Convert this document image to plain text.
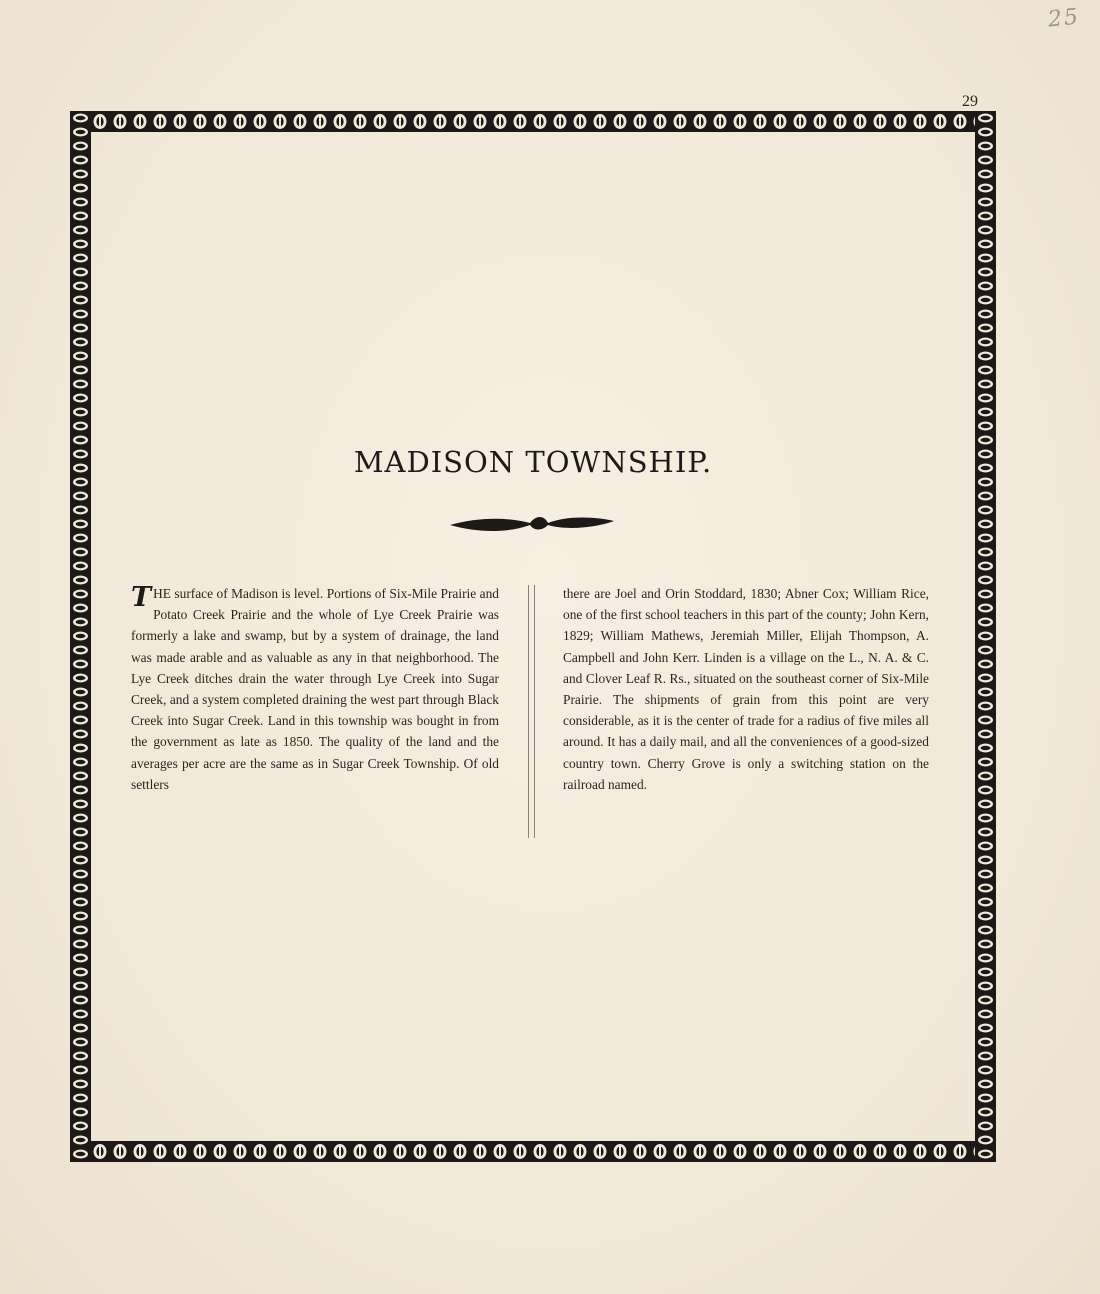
25
29
MADISON TOWNSHIP.
T HE surface of Madison is level. Portions of Six-Mile Prairie and Potato Creek Prairie and the whole of Lye Creek Prairie was formerly a lake and swamp, but by a system of drainage, the land was made arable and as valuable as any in that neighborhood. The Lye Creek ditches drain the water through Lye Creek into Sugar Creek, and a system completed draining the west part through Black Creek into Sugar Creek. Land in this township was bought in from the government as late as 1850. The quality of the land and the averages per acre are the same as in Sugar Creek Township. Of old settlers
there are Joel and Orin Stoddard, 1830; Abner Cox; William Rice, one of the first school teachers in this part of the county; John Kern, 1829; William Mathews, Jeremiah Miller, Elijah Thompson, A. Campbell and John Kerr. Linden is a village on the L., N. A. & C. and Clover Leaf R. Rs., situated on the southeast corner of Six-Mile Prairie. The shipments of grain from this point are very considerable, as it is the center of trade for a radius of five miles all around. It has a daily mail, and all the conveniences of a good-sized country town. Cherry Grove is only a switching station on the railroad named.
